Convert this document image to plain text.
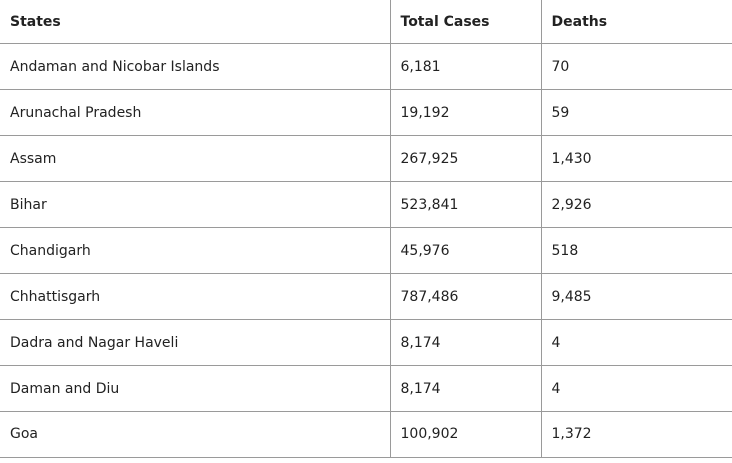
States	Total Cases	Deaths
Andaman and Nicobar Islands	6,181	70
Arunachal Pradesh	19,192	59
Assam	267,925	1,430
Bihar	523,841	2,926
Chandigarh	45,976	518
Chhattisgarh	787,486	9,485
Dadra and Nagar Haveli	8,174	4
Daman and Diu	8,174	4
Goa	100,902	1,372
